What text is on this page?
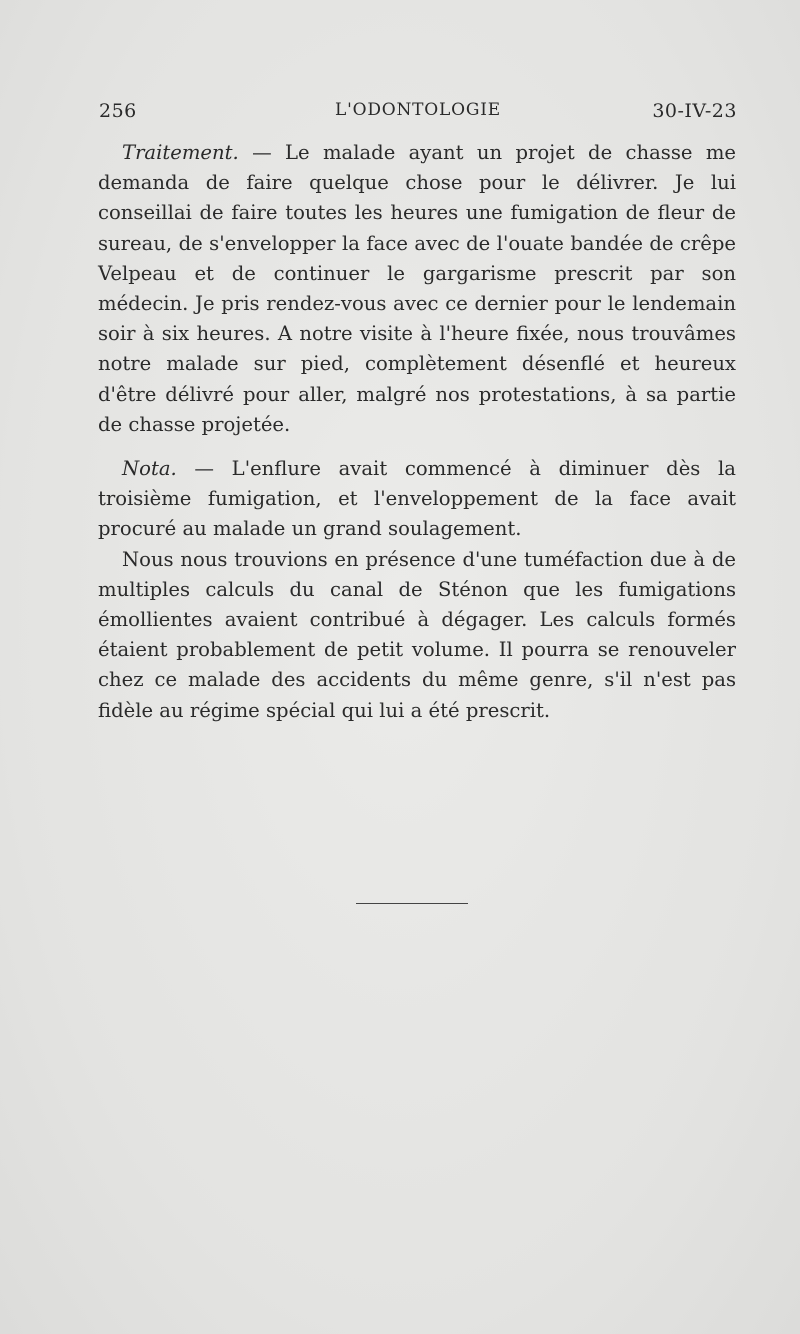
256	L'ODONTOLOGIE	30-IV-23

Traitement. — Le malade ayant un projet de chasse me demanda de faire quelque chose pour le délivrer. Je lui conseillai de faire toutes les heures une fumigation de fleur de sureau, de s'envelopper la face avec de l'ouate bandée de crêpe Velpeau et de continuer le gargarisme prescrit par son médecin. Je pris rendez-vous avec ce dernier pour le lendemain soir à six heures. A notre visite à l'heure fixée, nous trouvâmes notre malade sur pied, complètement désenflé et heureux d'être délivré pour aller, malgré nos protestations, à sa partie de chasse projetée.

Nota. — L'enflure avait commencé à diminuer dès la troisième fumigation, et l'enveloppement de la face avait procuré au malade un grand soulagement.

Nous nous trouvions en présence d'une tuméfaction due à de multiples calculs du canal de Sténon que les fumigations émollientes avaient contribué à dégager. Les calculs formés étaient probablement de petit volume. Il pourra se renouveler chez ce malade des accidents du même genre, s'il n'est pas fidèle au régime spécial qui lui a été prescrit.
